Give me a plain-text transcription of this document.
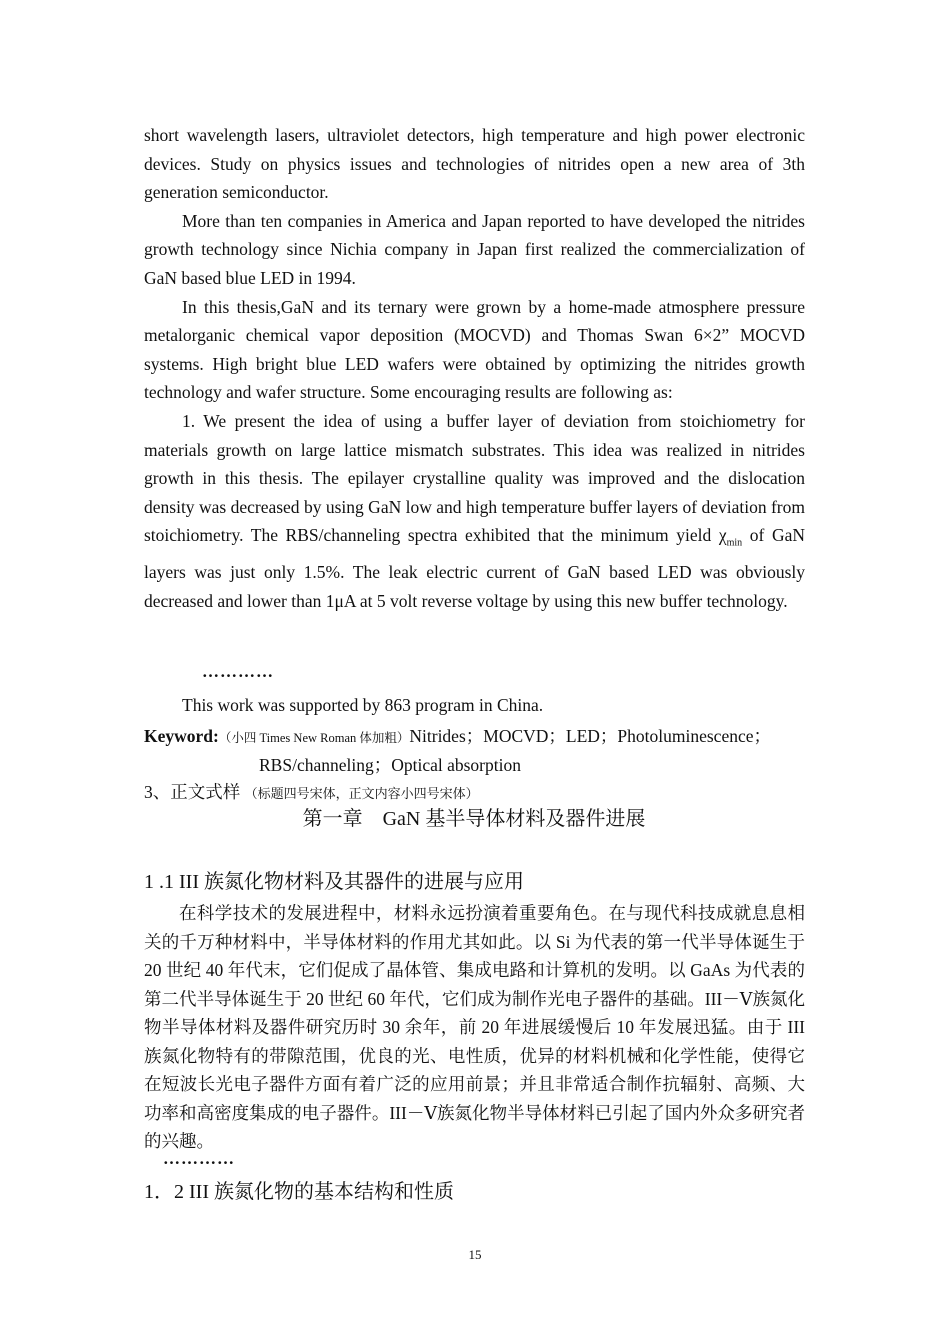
short wavelength lasers, ultraviolet detectors, high temperature and high power electronic devices. Study on physics issues and technologies of nitrides open a new area of 3th generation semiconductor.

More than ten companies in America and Japan reported to have developed the nitrides growth technology since Nichia company in Japan first realized the commercialization of GaN based blue LED in 1994.

In this thesis,GaN and its ternary were grown by a home-made atmosphere pressure metalorganic chemical vapor deposition (MOCVD) and Thomas Swan 6×2” MOCVD systems. High bright blue LED wafers were obtained by optimizing the nitrides growth technology and wafer structure. Some encouraging results are following as:

1. We present the idea of using a buffer layer of deviation from stoichiometry for materials growth on large lattice mismatch substrates. This idea was realized in nitrides growth in this thesis. The epilayer crystalline quality was improved and the dislocation density was decreased by using GaN low and high temperature buffer layers of deviation from stoichiometry. The RBS/channeling spectra exhibited that the minimum yield $\chi_{min}$ of GaN layers was just only 1.5%. The leak electric current of GaN based LED was obviously decreased and lower than 1μA at 5 volt reverse voltage by using this new buffer technology.

…………
This work was supported by 863 program in China.
Keyword:（小四 Times New Roman 体加粗）Nitrides；MOCVD；LED；Photoluminescence；
RBS/channeling；Optical absorption
3、正文式样 （标题四号宋体，正文内容小四号宋体）
第一章　GaN 基半导体材料及器件进展
1 .1 III 族氮化物材料及其器件的进展与应用

在科学技术的发展进程中，材料永远扮演着重要角色。在与现代科技成就息息相关的千万种材料中，半导体材料的作用尤其如此。以 Si 为代表的第一代半导体诞生于 20 世纪 40 年代末，它们促成了晶体管、集成电路和计算机的发明。以 GaAs 为代表的第二代半导体诞生于 20 世纪 60 年代，它们成为制作光电子器件的基础。III－Ⅴ族氮化物半导体材料及器件研究历时 30 余年，前 20 年进展缓慢后 10 年发展迅猛。由于 III 族氮化物特有的带隙范围，优良的光、电性质，优异的材料机械和化学性能，使得它在短波长光电子器件方面有着广泛的应用前景；并且非常适合制作抗辐射、高频、大功率和高密度集成的电子器件。III－Ⅴ族氮化物半导体材料已引起了国内外众多研究者的兴趣。

…………
1．2 III 族氮化物的基本结构和性质
15
